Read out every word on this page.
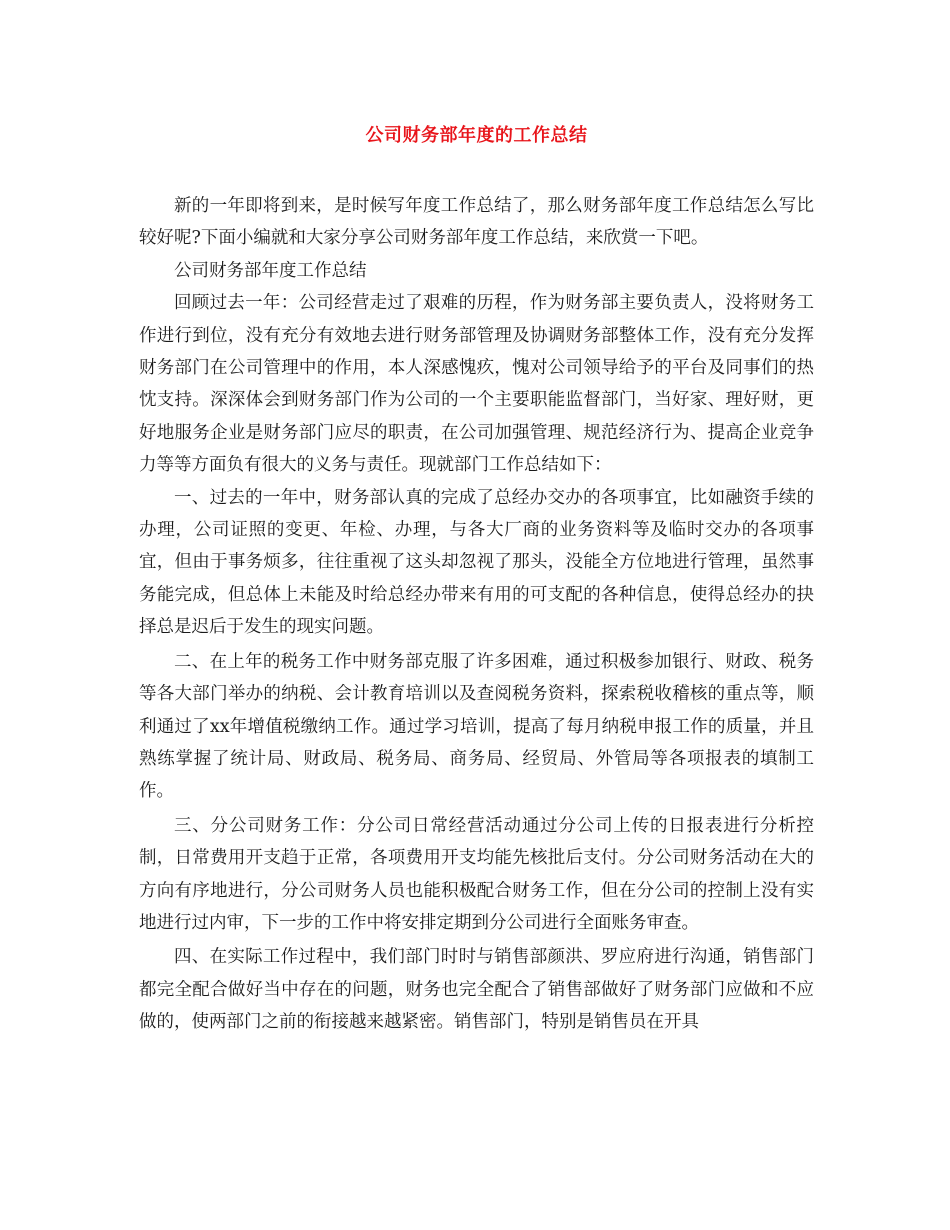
公司财务部年度的工作总结

新的一年即将到来，是时候写年度工作总结了，那么财务部年度工作总结怎么写比较好呢?下面小编就和大家分享公司财务部年度工作总结，来欣赏一下吧。

公司财务部年度工作总结

回顾过去一年：公司经营走过了艰难的历程，作为财务部主要负责人，没将财务工作进行到位，没有充分有效地去进行财务部管理及协调财务部整体工作，没有充分发挥财务部门在公司管理中的作用，本人深感愧疚，愧对公司领导给予的平台及同事们的热忱支持。深深体会到财务部门作为公司的一个主要职能监督部门，当好家、理好财，更好地服务企业是财务部门应尽的职责，在公司加强管理、规范经济行为、提高企业竞争力等等方面负有很大的义务与责任。现就部门工作总结如下：

一、过去的一年中，财务部认真的完成了总经办交办的各项事宜，比如融资手续的办理，公司证照的变更、年检、办理，与各大厂商的业务资料等及临时交办的各项事宜，但由于事务烦多，往往重视了这头却忽视了那头，没能全方位地进行管理，虽然事务能完成，但总体上未能及时给总经办带来有用的可支配的各种信息，使得总经办的抉择总是迟后于发生的现实问题。

二、在上年的税务工作中财务部克服了许多困难，通过积极参加银行、财政、税务等各大部门举办的纳税、会计教育培训以及查阅税务资料，探索税收稽核的重点等，顺利通过了xx年增值税缴纳工作。通过学习培训，提高了每月纳税申报工作的质量，并且熟练掌握了统计局、财政局、税务局、商务局、经贸局、外管局等各项报表的填制工作。

三、分公司财务工作：分公司日常经营活动通过分公司上传的日报表进行分析控制，日常费用开支趋于正常，各项费用开支均能先核批后支付。分公司财务活动在大的方向有序地进行，分公司财务人员也能积极配合财务工作，但在分公司的控制上没有实地进行过内审，下一步的工作中将安排定期到分公司进行全面账务审查。

四、在实际工作过程中，我们部门时时与销售部颜洪、罗应府进行沟通，销售部门都完全配合做好当中存在的问题，财务也完全配合了销售部做好了财务部门应做和不应做的，使两部门之前的衔接越来越紧密。销售部门，特别是销售员在开具
